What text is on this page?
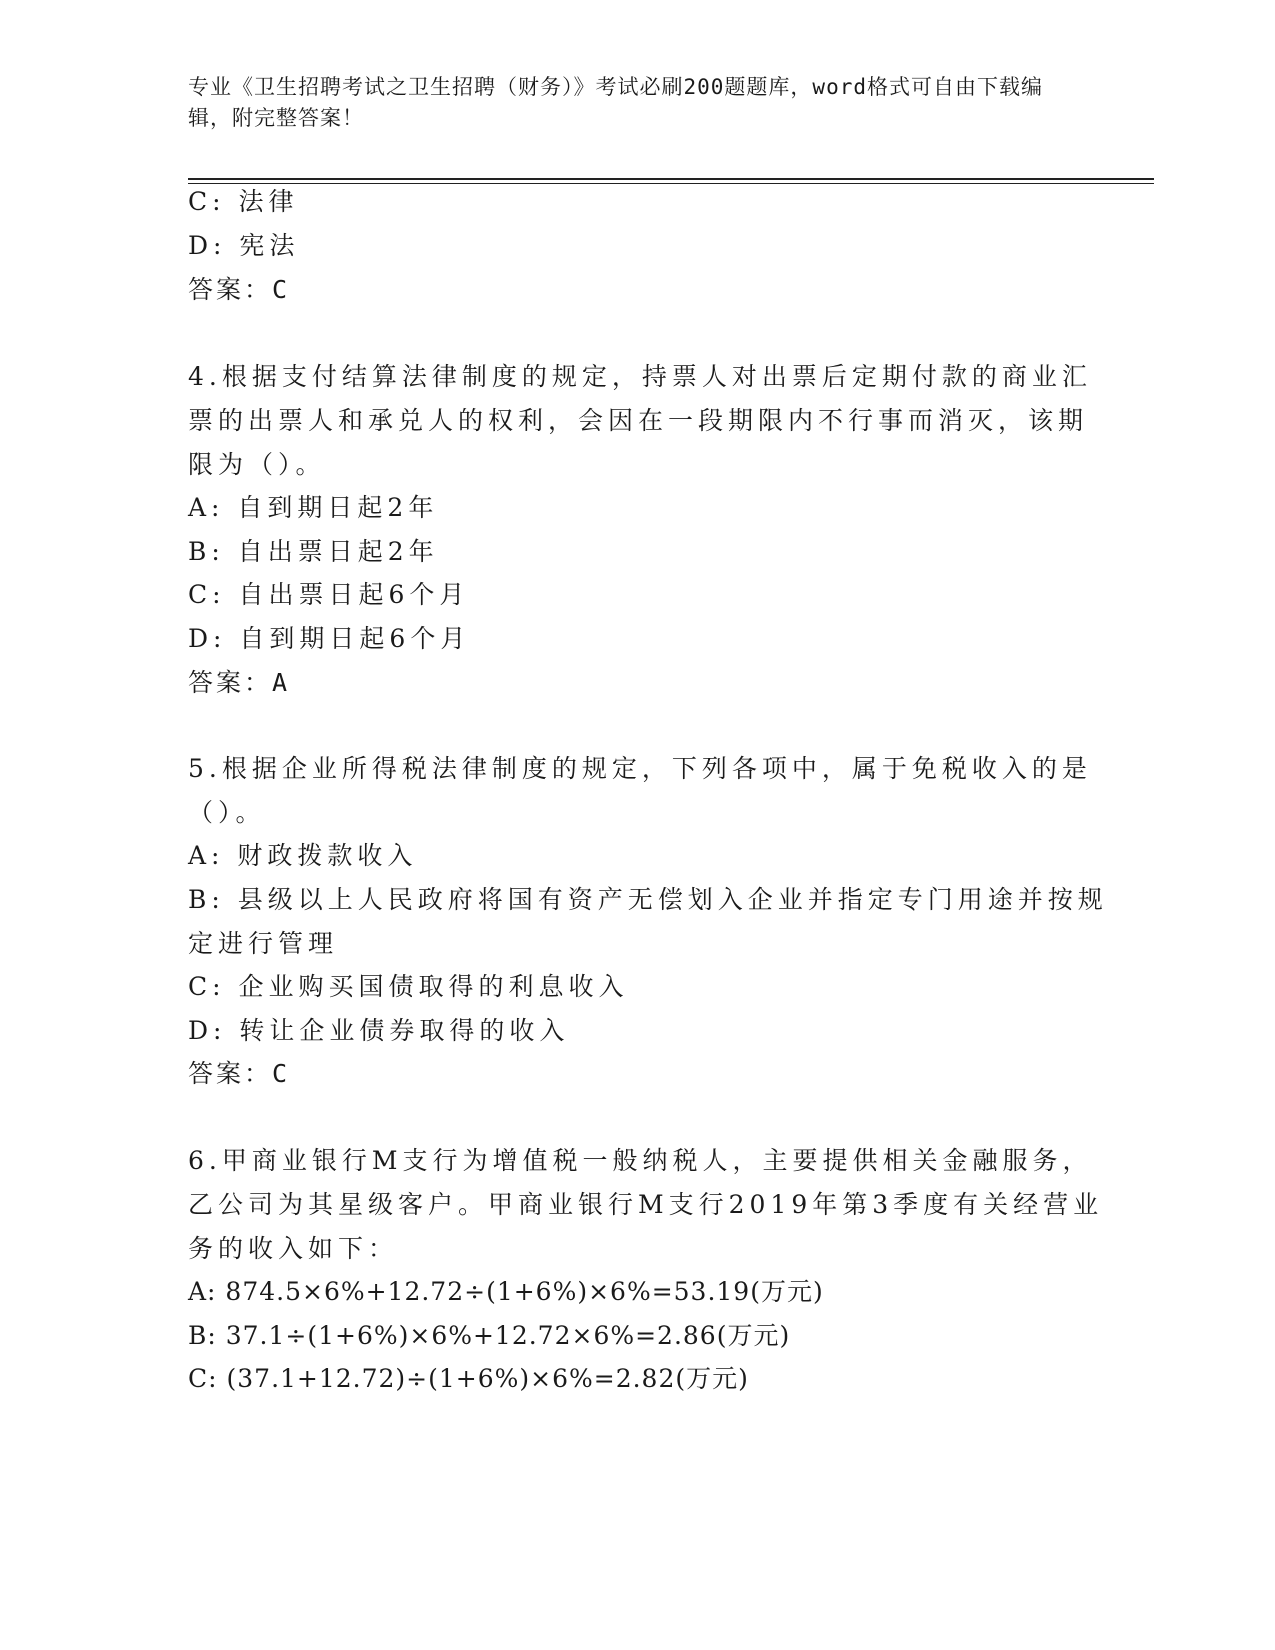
专业《卫生招聘考试之卫生招聘（财务）》考试必刷200题题库，word格式可自由下载编辑，附完整答案！
C: 法律
D: 宪法
答案：C
4.根据支付结算法律制度的规定，持票人对出票后定期付款的商业汇
票的出票人和承兑人的权利，会因在一段期限内不行事而消灭，该期
限为（）。
A: 自到期日起2年
B: 自出票日起2年
C: 自出票日起6个月
D: 自到期日起6个月
答案：A
5.根据企业所得税法律制度的规定，下列各项中，属于免税收入的是
（）。
A: 财政拨款收入
B: 县级以上人民政府将国有资产无偿划入企业并指定专门用途并按规
定进行管理
C: 企业购买国债取得的利息收入
D: 转让企业债券取得的收入
答案：C
6.甲商业银行M支行为增值税一般纳税人，主要提供相关金融服务，
乙公司为其星级客户。甲商业银行M支行2019年第3季度有关经营业
务的收入如下：
A: 874.5×6%+12.72÷(1+6%)×6%=53.19(万元)
B: 37.1÷(1+6%)×6%+12.72×6%=2.86(万元)
C: (37.1+12.72)÷(1+6%)×6%=2.82(万元)
